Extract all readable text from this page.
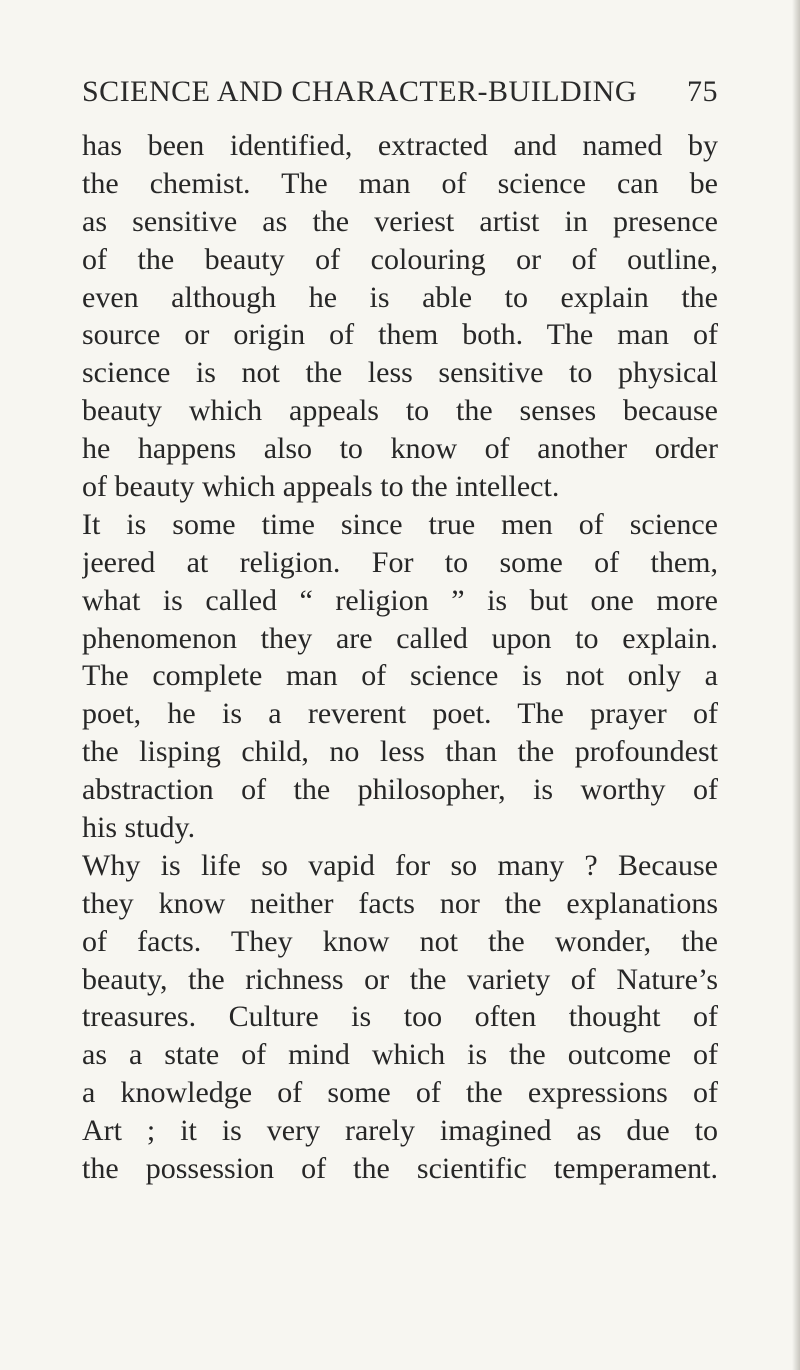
SCIENCE AND CHARACTER-BUILDING 75
has been identified, extracted and named by
the chemist. The man of science can be
as sensitive as the veriest artist in presence
of the beauty of colouring or of outline,
even although he is able to explain the
source or origin of them both. The man of
science is not the less sensitive to physical
beauty which appeals to the senses because
he happens also to know of another order
of beauty which appeals to the intellect.
It is some time since true men of science
jeered at religion. For to some of them,
what is called “ religion ” is but one more
phenomenon they are called upon to explain.
The complete man of science is not only a
poet, he is a reverent poet. The prayer of
the lisping child, no less than the profoundest
abstraction of the philosopher, is worthy of
his study.
Why is life so vapid for so many ? Because
they know neither facts nor the explanations
of facts. They know not the wonder, the
beauty, the richness or the variety of Nature’s
treasures. Culture is too often thought of
as a state of mind which is the outcome of
a knowledge of some of the expressions of
Art ; it is very rarely imagined as due to
the possession of the scientific temperament.
